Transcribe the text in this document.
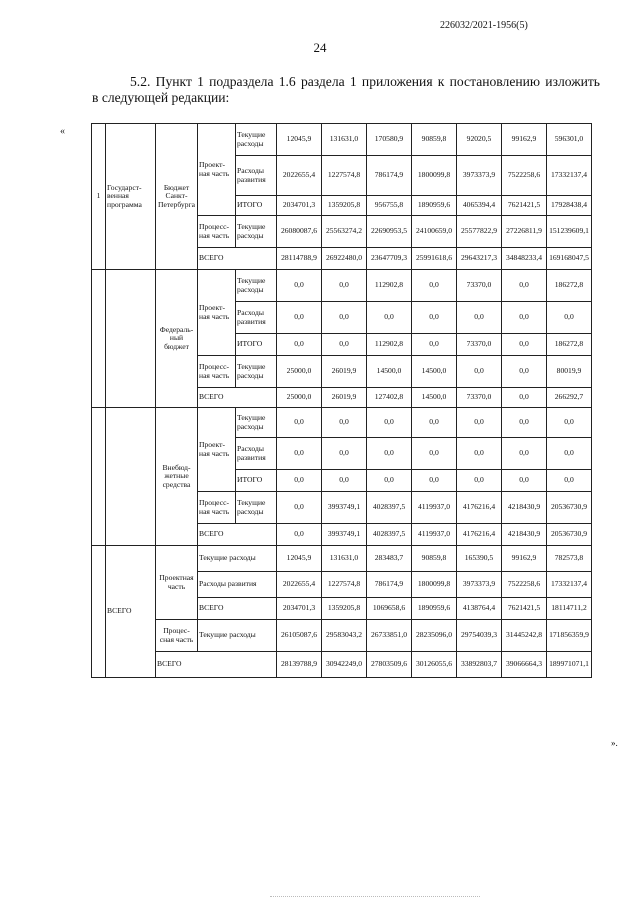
226032/2021-1956(5)
24
5.2. Пункт 1 подраздела 1.6 раздела 1 приложения к постановлению изложить
в следующей редакции:
«
».
1	Государст-венная программа	Бюджет Санкт-Петербурга	Проект-ная часть	Текущие расходы	12045,9	131631,0	170580,9	90859,8	92020,5	99162,9	596301,0
				Расходы развития	2022655,4	1227574,8	786174,9	1800099,8	3973373,9	7522258,6	17332137,4
				ИТОГО	2034701,3	1359205,8	956755,8	1890959,6	4065394,4	7621421,5	17928438,4
			Процесс-ная часть	Текущие расходы	26080087,6	25563274,2	22690953,5	24100659,0	25577822,9	27226811,9	151239609,1
			ВСЕГО		28114788,9	26922480,0	23647709,3	25991618,6	29643217,3	34848233,4	169168047,5
		Федераль-ный бюджет	Проект-ная часть	Текущие расходы	0,0	0,0	112902,8	0,0	73370,0	0,0	186272,8
				Расходы развития	0,0	0,0	0,0	0,0	0,0	0,0	0,0
				ИТОГО	0,0	0,0	112902,8	0,0	73370,0	0,0	186272,8
			Процесс-ная часть	Текущие расходы	25000,0	26019,9	14500,0	14500,0	0,0	0,0	80019,9
			ВСЕГО		25000,0	26019,9	127402,8	14500,0	73370,0	0,0	266292,7
		Внебюд-жетные средства	Проект-ная часть	Текущие расходы	0,0	0,0	0,0	0,0	0,0	0,0	0,0
				Расходы развития	0,0	0,0	0,0	0,0	0,0	0,0	0,0
				ИТОГО	0,0	0,0	0,0	0,0	0,0	0,0	0,0
			Процесс-ная часть	Текущие расходы	0,0	3993749,1	4028397,5	4119937,0	4176216,4	4218430,9	20536730,9
			ВСЕГО		0,0	3993749,1	4028397,5	4119937,0	4176216,4	4218430,9	20536730,9
	ВСЕГО	Проектная часть	Текущие расходы		12045,9	131631,0	283483,7	90859,8	165390,5	99162,9	782573,8
			Расходы развития		2022655,4	1227574,8	786174,9	1800099,8	3973373,9	7522258,6	17332137,4
			ВСЕГО		2034701,3	1359205,8	1069658,6	1890959,6	4138764,4	7621421,5	18114711,2
		Процес-сная часть	Текущие расходы		26105087,6	29583043,2	26733851,0	28235096,0	29754039,3	31445242,8	171856359,9
		ВСЕГО			28139788,9	30942249,0	27803509,6	30126055,6	33892803,7	39066664,3	189971071,1
